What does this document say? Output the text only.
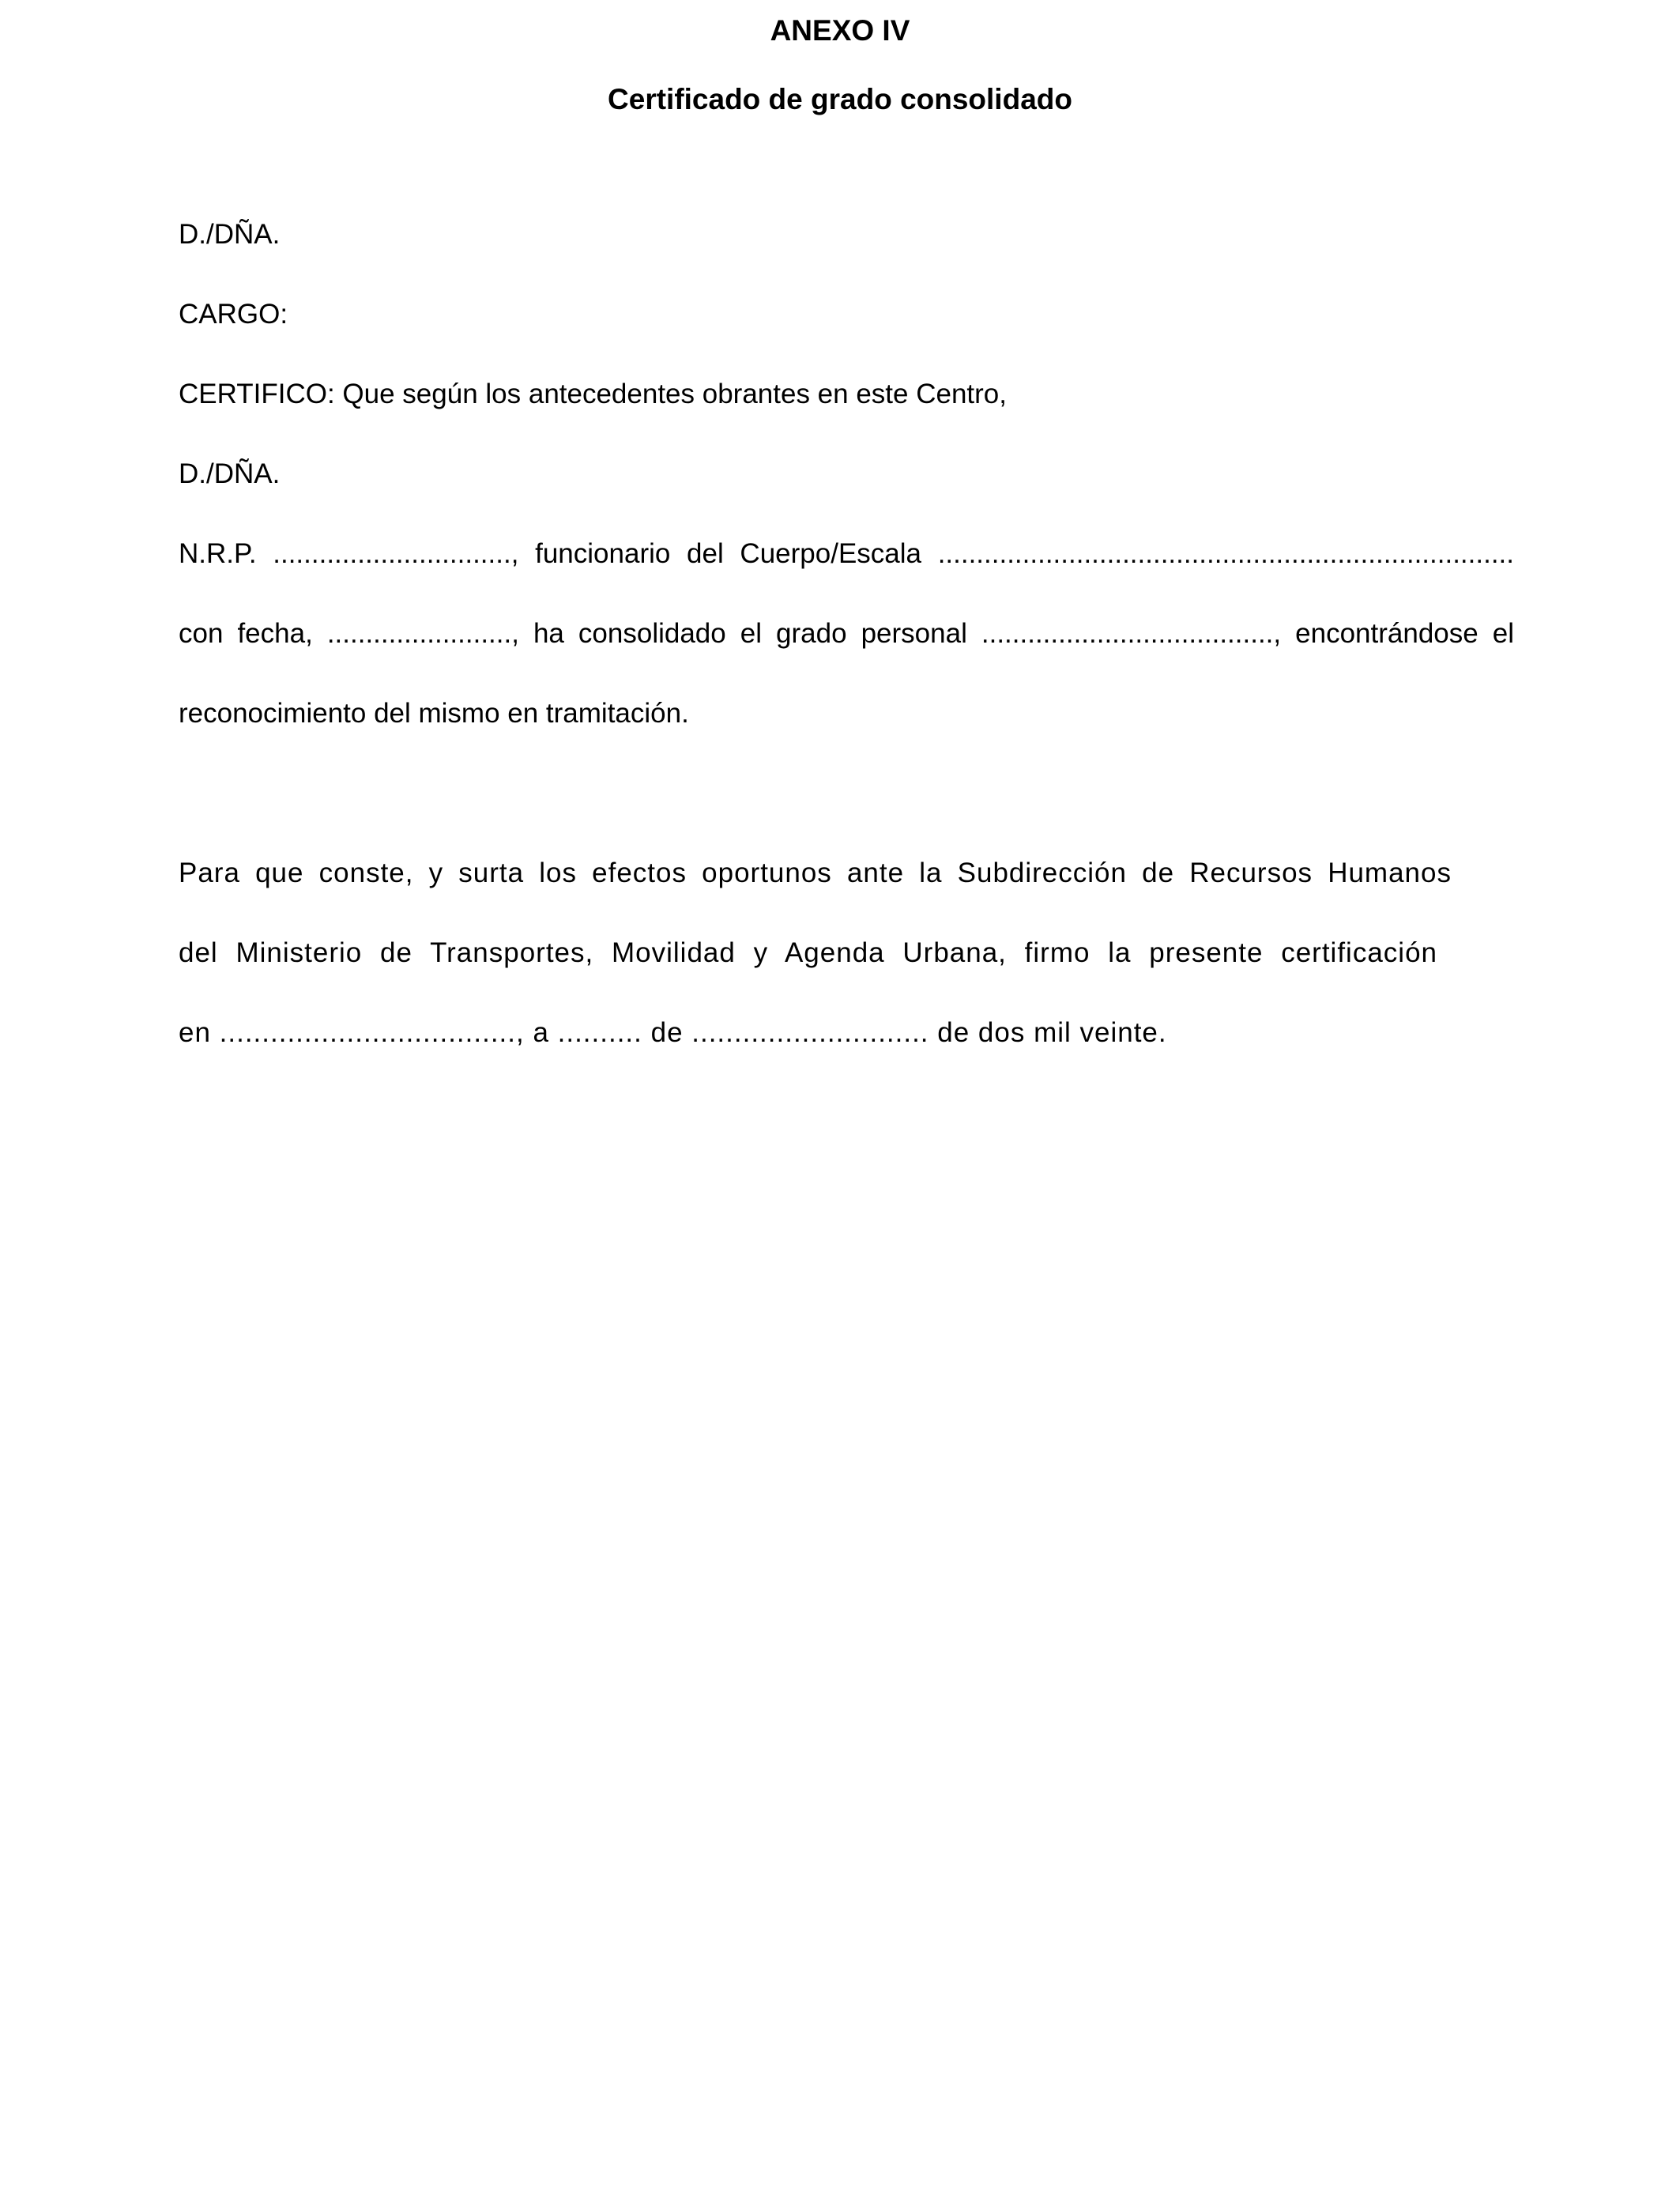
ANEXO IV
Certificado de grado consolidado
D./DÑA.
CARGO:
CERTIFICO: Que según los antecedentes obrantes en este Centro,
D./DÑA.
N.R.P. ..............................., funcionario del Cuerpo/Escala ...........................................................................
con fecha, ........................, ha consolidado el grado personal ......................................, encontrándose el
reconocimiento del mismo en tramitación.
Para que conste, y surta los efectos oportunos ante la Subdirección de Recursos Humanos
del Ministerio de Transportes, Movilidad y Agenda Urbana, firmo la presente certificación
en ..................................., a .......... de ............................ de dos mil veinte.
